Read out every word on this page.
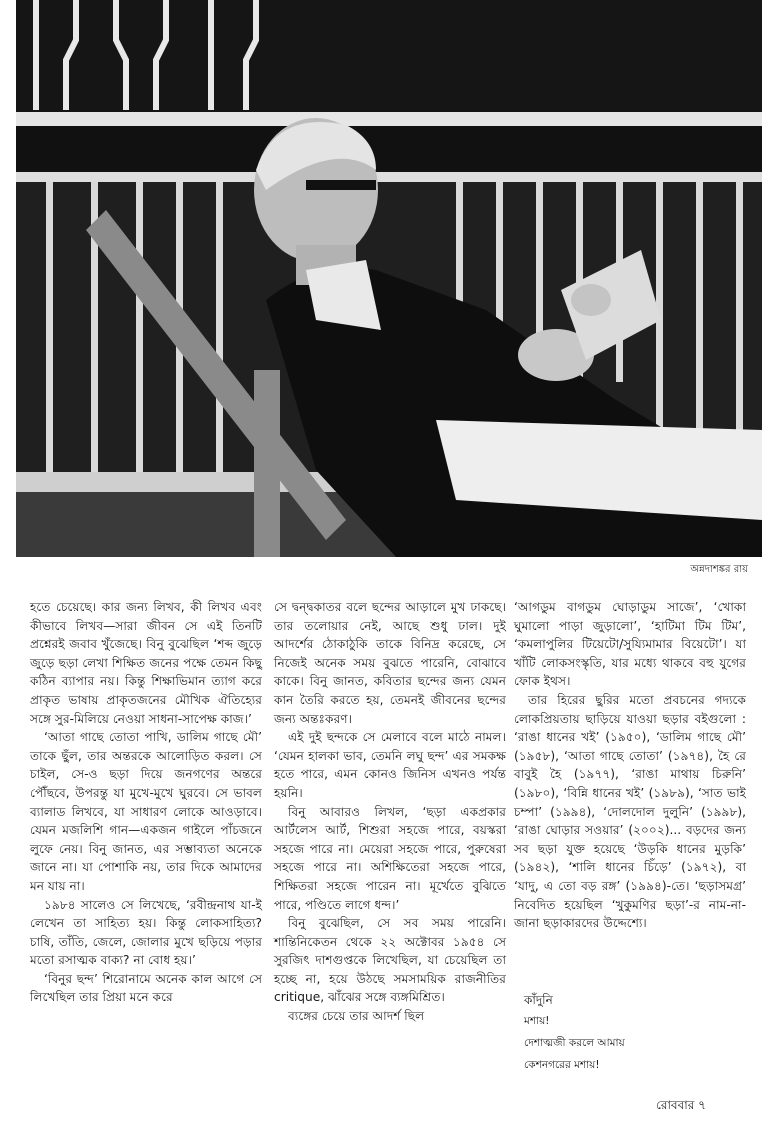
অন্নদাশঙ্কর রায়

হতে চেয়েছে। কার জন্য লিখব, কী লিখব এবং কীভাবে লিখব—সারা জীবন সে এই তিনটি প্রশ্নেরই জবাব খুঁজেছে। বিনু বুঝেছিল ‘শব্দ জুড়ে জুড়ে ছড়া লেখা শিক্ষিত জনের পক্ষে তেমন কিছু কঠিন ব্যাপার নয়। কিন্তু শিক্ষাভিমান ত্যাগ করে প্রাকৃত ভাষায় প্রাকৃতজনের মৌখিক ঐতিহ্যের সঙ্গে সুর-মিলিয়ে নেওয়া সাধনা-সাপেক্ষ কাজ।’

‘আতা গাছে তোতা পাখি, ডালিম গাছে মৌ’ তাকে ছুঁল, তার অন্তরকে আলোড়িত করল। সে চাইল, সে-ও ছড়া দিয়ে জনগণের অন্তরে পৌঁছবে, উপরন্তু যা মুখে-মুখে ঘুরবে। সে ভাবল ব্যালাড লিখবে, যা সাধারণ লোকে আওড়াবে। যেমন মজলিশি গান—একজন গাইলে পাঁচজনে লুফে নেয়। বিনু জানত, এর সম্ভাব্যতা অনেকে জানে না। যা পোশাকি নয়, তার দিকে আমাদের মন যায় না।

১৯৮৪ সালেও সে লিখেছে, ‘রবীন্দ্রনাথ যা-ই লেখেন তা সাহিত্য হয়। কিন্তু লোকসাহিত্য? চাষি, তাঁতি, জেলে, জোলার মুখে ছড়িয়ে পড়ার মতো রসাত্মক বাক্য? না বোধ হয়।’

‘বিনুর ছন্দ’ শিরোনামে অনেক কাল আগে সে লিখেছিল তার প্রিয়া মনে করে

সে দ্বন্দ্বকাতর বলে ছন্দের আড়ালে মুখ ঢাকছে। তার তলোয়ার নেই, আছে শুধু ঢাল। দুই আদর্শের ঠোকাঠুকি তাকে বিনিদ্র করেছে, সে নিজেই অনেক সময় বুঝতে পারেনি, বোঝাবে কাকে। বিনু জানত, কবিতার ছন্দের জন্য যেমন কান তৈরি করতে হয়, তেমনই জীবনের ছন্দের জন্য অন্তঃকরণ।

এই দুই ছন্দকে সে মেলাবে বলে মাঠে নামল। ‘যেমন হালকা ভাব, তেমনি লঘু ছন্দ’ এর সমকক্ষ হতে পারে, এমন কোনও জিনিস এখনও পর্যন্ত হয়নি।

বিনু আবারও লিখল, ‘ছড়া একপ্রকার আর্টলেস আর্ট, শিশুরা সহজে পারে, বয়স্করা সহজে পারে না। মেয়েরা সহজে পারে, পুরুষেরা সহজে পারে না। অশিক্ষিতেরা সহজে পারে, শিক্ষিতরা সহজে পারেন না। মূর্খেতে বুঝিতে পারে, পণ্ডিতে লাগে ধন্দ।’

বিনু বুঝেছিল, সে সব সময় পারেনি। শান্তিনিকেতন থেকে ২২ অক্টোবর ১৯৫৪ সে সুরজিৎ দাশগুপ্তকে লিখেছিল, যা চেয়েছিল তা হচ্ছে না, হয়ে উঠছে সমসাময়িক রাজনীতির critique, ঝাঁঝের সঙ্গে ব্যঙ্গমিশ্রিত।

ব্যঙ্গের চেয়ে তার আদর্শ ছিল

‘আগডুম বাগডুম ঘোড়াডুম সাজে’, ‘খোকা ঘুমালো পাড়া জুড়ালো’, ‘হাটিমা টিম টিম’, ‘কমলাপুলির টিয়েটো/সুয্যিমামার বিয়েটো’। যা খাঁটি লোকসংস্কৃতি, যার মধ্যে থাকবে বহু যুগের ফোক ইথস।

তার হিরের ছুরির মতো প্রবচনের গদ্যকে লোকপ্রিয়তায় ছাড়িয়ে যাওয়া ছড়ার বইগুলো : ‘রাঙা ধানের খই’ (১৯৫০), ‘ডালিম গাছে মৌ’ (১৯৫৮), ‘আতা গাছে তোতা’ (১৯৭৪), হৈ রে বাবুই হৈ (১৯৭৭), ‘রাঙা মাথায় চিরুনি’ (১৯৮০), ‘বিন্নি ধানের খই’ (১৯৮৯), ‘সাত ভাই চম্পা’ (১৯৯৪), ‘দোলদোল দুলুনি’ (১৯৯৮), ‘রাঙা ঘোড়ার সওয়ার’ (২০০২)... বড়দের জন্য সব ছড়া যুক্ত হয়েছে ‘উড়কি ধানের মুড়কি’ (১৯৪২), ‘শালি ধানের চিঁড়ে’ (১৯৭২), বা ‘যাদু, এ তো বড় রঙ্গ’ (১৯৯৪)-তে। ‘ছড়াসমগ্র’ নিবেদিত হয়েছিল ‘খুকুমণির ছড়া’-র নাম-না-জানা ছড়াকারদের উদ্দেশ্যে।

কাঁদুনি
মশায়!
দেশাত্মজী করলে আমায়
কেশনগরের মশায়!
রোববার ৭
